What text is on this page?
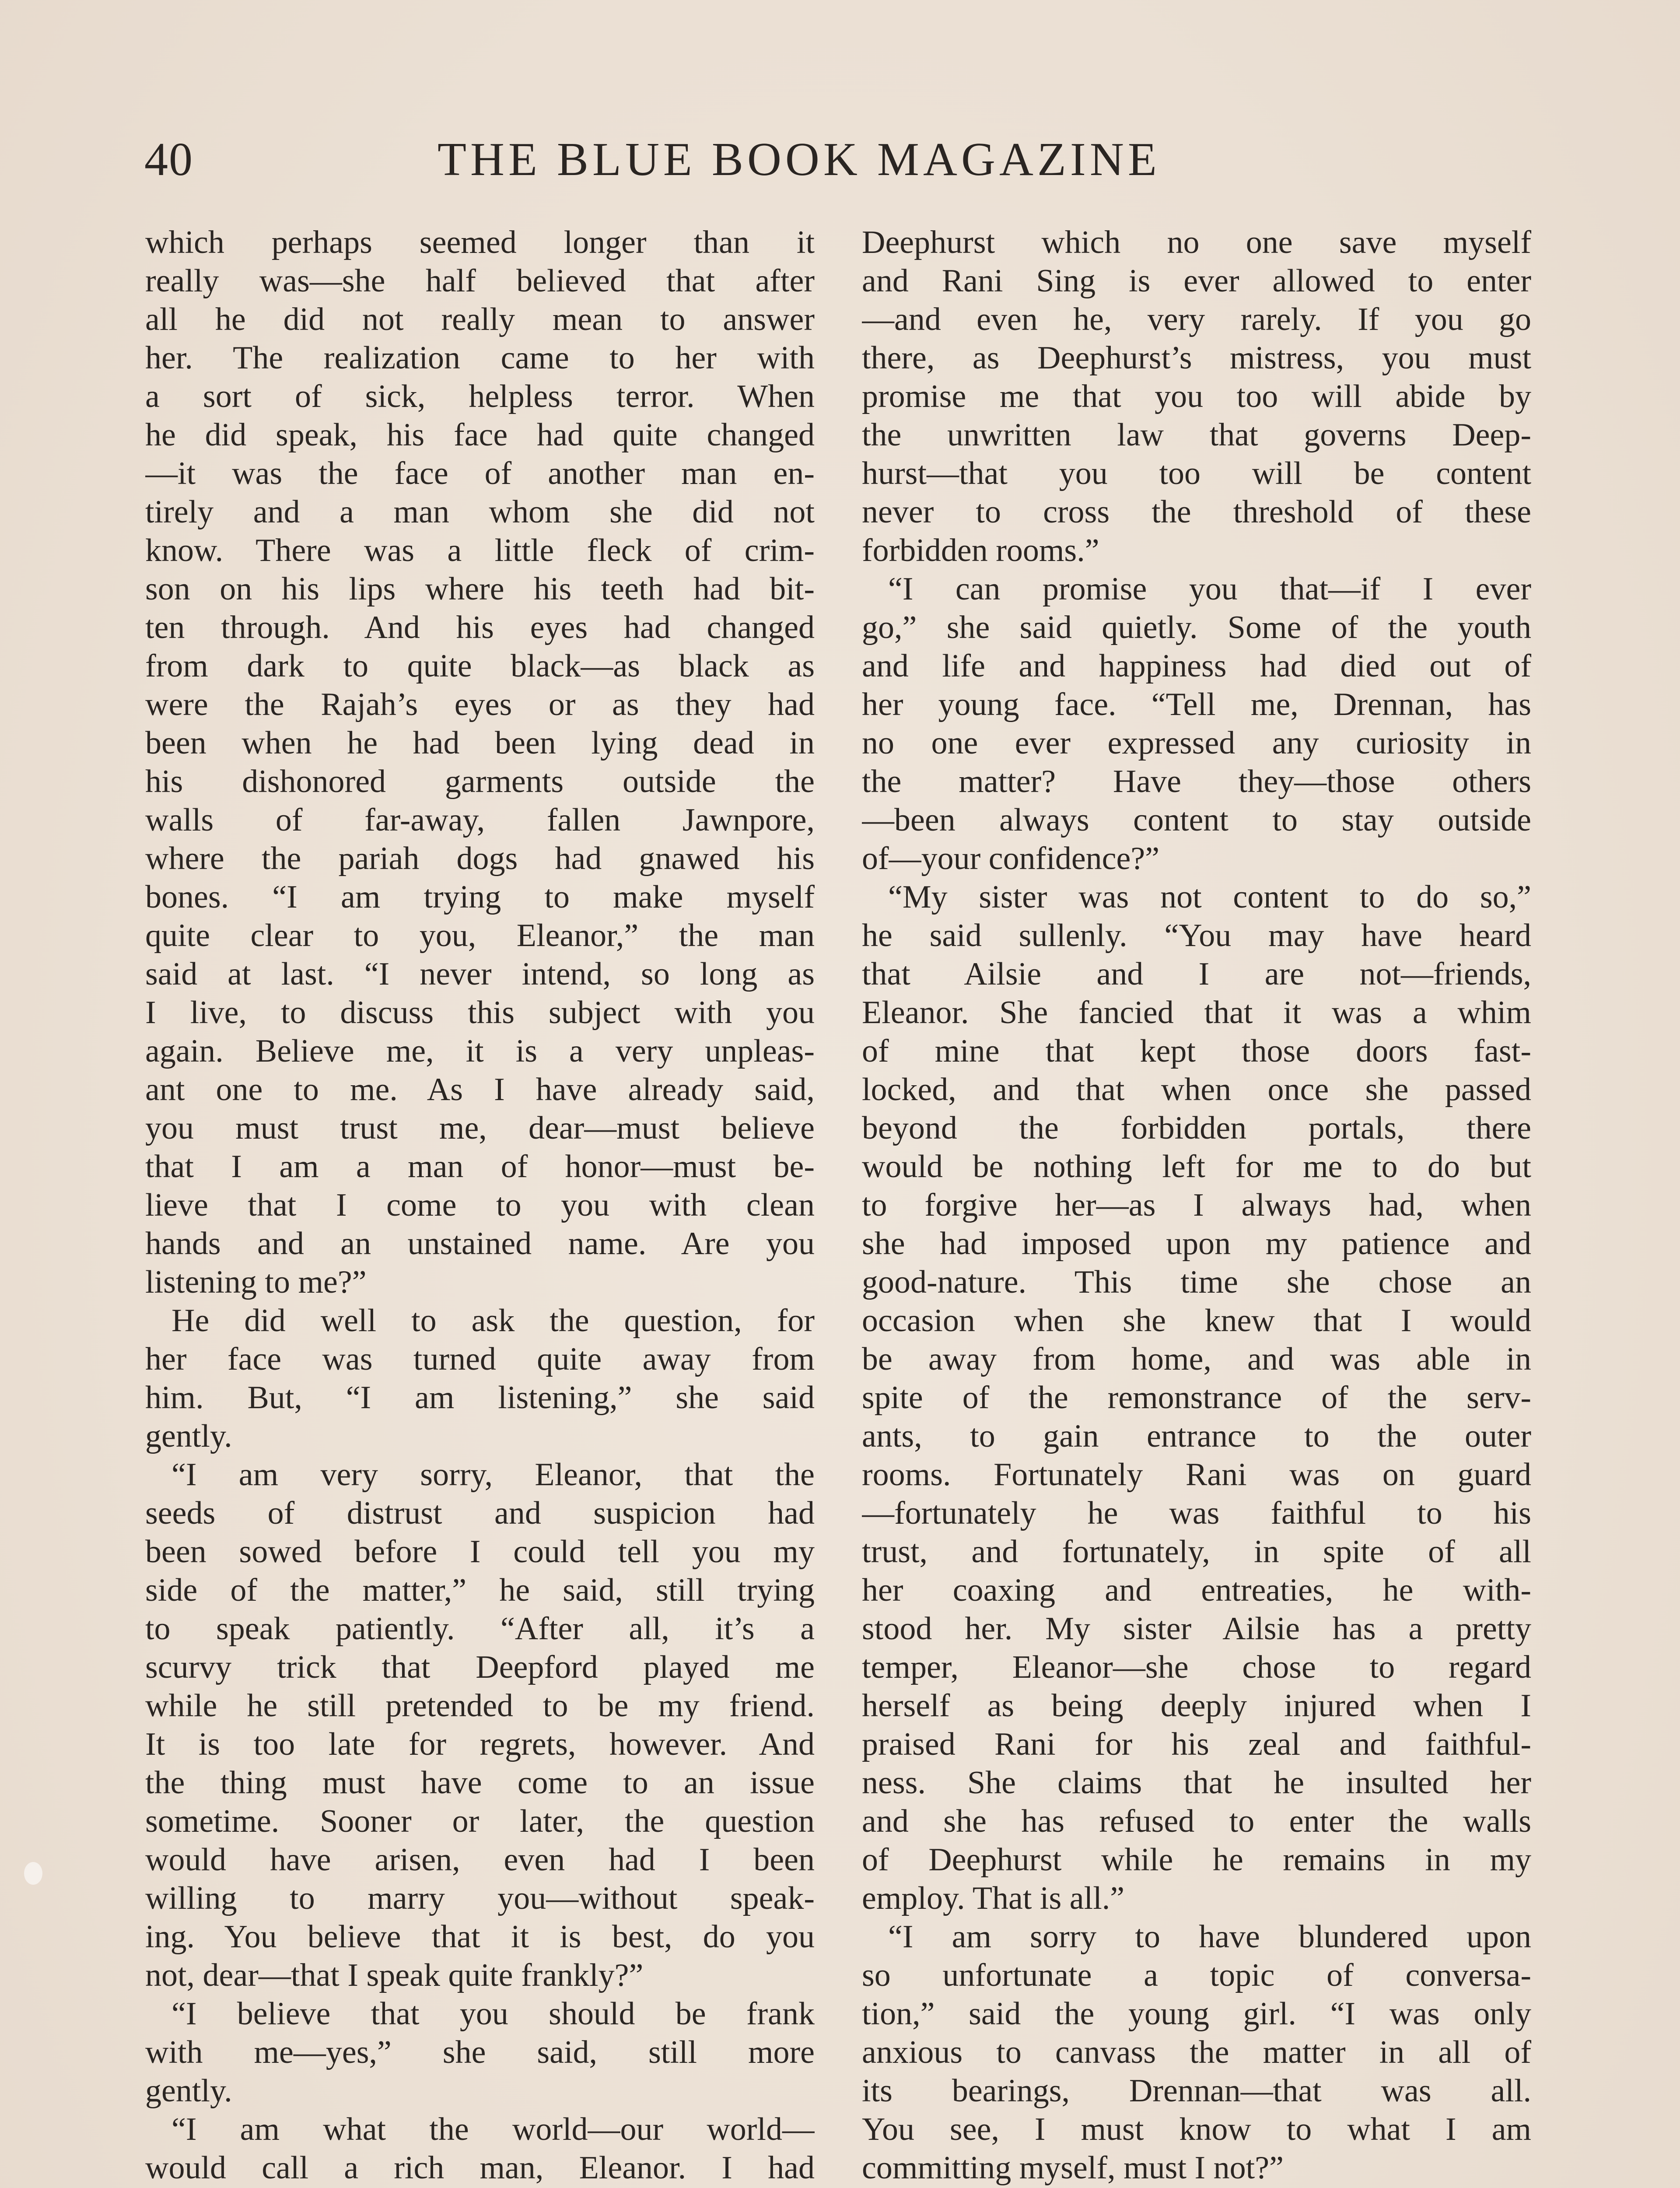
40	THE BLUE BOOK MAGAZINE
which perhaps seemed longer than it
really was—she half believed that after
all he did not really mean to answer
her. The realization came to her with
a sort of sick, helpless terror. When
he did speak, his face had quite changed
—it was the face of another man en-
tirely and a man whom she did not
know. There was a little fleck of crim-
son on his lips where his teeth had bit-
ten through. And his eyes had changed
from dark to quite black—as black as
were the Rajah’s eyes or as they had
been when he had been lying dead in
his dishonored garments outside the
walls of far-away, fallen Jawnpore,
where the pariah dogs had gnawed his
bones. “I am trying to make myself
quite clear to you, Eleanor,” the man
said at last. “I never intend, so long as
I live, to discuss this subject with you
again. Believe me, it is a very unpleas-
ant one to me. As I have already said,
you must trust me, dear—must believe
that I am a man of honor—must be-
lieve that I come to you with clean
hands and an unstained name. Are you
listening to me?”
He did well to ask the question, for
her face was turned quite away from
him. But, “I am listening,” she said
gently.
“I am very sorry, Eleanor, that the
seeds of distrust and suspicion had
been sowed before I could tell you my
side of the matter,” he said, still trying
to speak patiently. “After all, it’s a
scurvy trick that Deepford played me
while he still pretended to be my friend.
It is too late for regrets, however. And
the thing must have come to an issue
sometime. Sooner or later, the question
would have arisen, even had I been
willing to marry you—without speak-
ing. You believe that it is best, do you
not, dear—that I speak quite frankly?”
“I believe that you should be frank
with me—yes,” she said, still more
gently.
“I am what the world—our world—
would call a rich man, Eleanor. I had
Deephurst which no one save myself
and Rani Sing is ever allowed to enter
—and even he, very rarely. If you go
there, as Deephurst’s mistress, you must
promise me that you too will abide by
the unwritten law that governs Deep-
hurst—that you too will be content
never to cross the threshold of these
forbidden rooms.”
“I can promise you that—if I ever
go,” she said quietly. Some of the youth
and life and happiness had died out of
her young face. “Tell me, Drennan, has
no one ever expressed any curiosity in
the matter? Have they—those others
—been always content to stay outside
of—your confidence?”
“My sister was not content to do so,”
he said sullenly. “You may have heard
that Ailsie and I are not—friends,
Eleanor. She fancied that it was a whim
of mine that kept those doors fast-
locked, and that when once she passed
beyond the forbidden portals, there
would be nothing left for me to do but
to forgive her—as I always had, when
she had imposed upon my patience and
good-nature. This time she chose an
occasion when she knew that I would
be away from home, and was able in
spite of the remonstrance of the serv-
ants, to gain entrance to the outer
rooms. Fortunately Rani was on guard
—fortunately he was faithful to his
trust, and fortunately, in spite of all
her coaxing and entreaties, he with-
stood her. My sister Ailsie has a pretty
temper, Eleanor—she chose to regard
herself as being deeply injured when I
praised Rani for his zeal and faithful-
ness. She claims that he insulted her
and she has refused to enter the walls
of Deephurst while he remains in my
employ. That is all.”
“I am sorry to have blundered upon
so unfortunate a topic of conversa-
tion,” said the young girl. “I was only
anxious to canvass the matter in all of
its bearings, Drennan—that was all.
You see, I must know to what I am
committing myself, must I not?”
